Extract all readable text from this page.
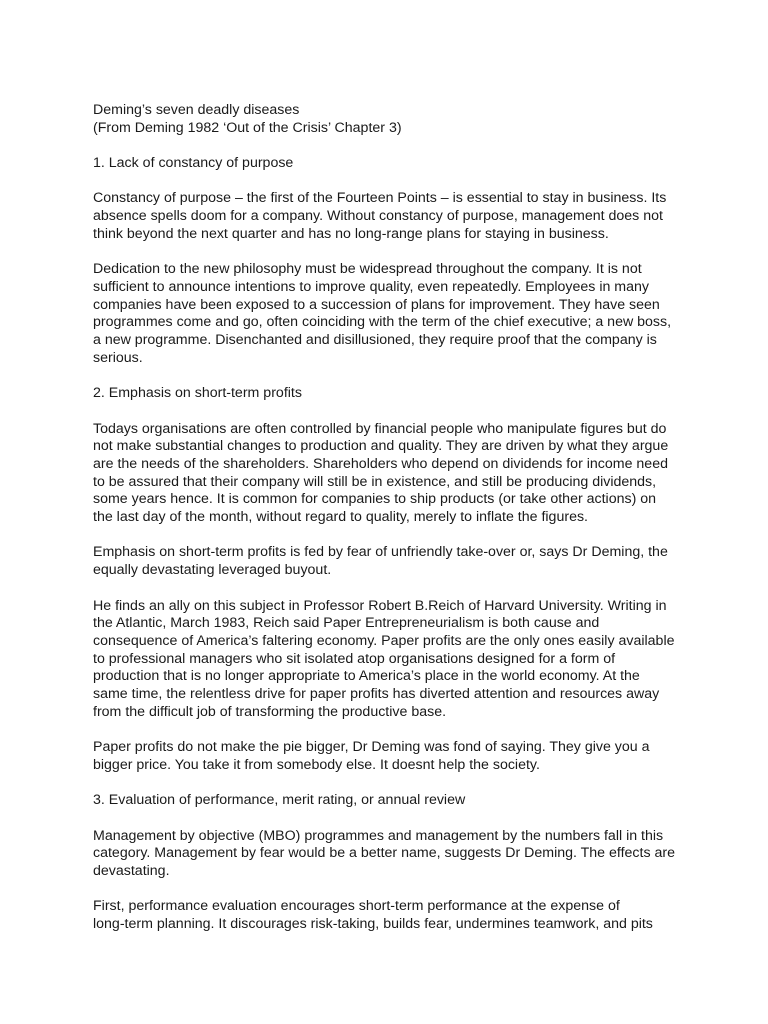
Deming’s seven deadly diseases
(From Deming 1982 ‘Out of the Crisis’ Chapter 3)
1. Lack of constancy of purpose
Constancy of purpose – the first of the Fourteen Points – is essential to stay in business. Its
absence spells doom for a company. Without constancy of purpose, management does not
think beyond the next quarter and has no long-range plans for staying in business.
Dedication to the new philosophy must be widespread throughout the company. It is not
sufficient to announce intentions to improve quality, even repeatedly. Employees in many
companies have been exposed to a succession of plans for improvement. They have seen
programmes come and go, often coinciding with the term of the chief executive; a new boss,
a new programme. Disenchanted and disillusioned, they require proof that the company is
serious.
2. Emphasis on short-term profits
Todays organisations are often controlled by financial people who manipulate figures but do
not make substantial changes to production and quality. They are driven by what they argue
are the needs of the shareholders. Shareholders who depend on dividends for income need
to be assured that their company will still be in existence, and still be producing dividends,
some years hence. It is common for companies to ship products (or take other actions) on
the last day of the month, without regard to quality, merely to inflate the figures.
Emphasis on short-term profits is fed by fear of unfriendly take-over or, says Dr Deming, the
equally devastating leveraged buyout.
He finds an ally on this subject in Professor Robert B.Reich of Harvard University. Writing in
the Atlantic, March 1983, Reich said Paper Entrepreneurialism is both cause and
consequence of America’s faltering economy. Paper profits are the only ones easily available
to professional managers who sit isolated atop organisations designed for a form of
production that is no longer appropriate to America’s place in the world economy. At the
same time, the relentless drive for paper profits has diverted attention and resources away
from the difficult job of transforming the productive base.
Paper profits do not make the pie bigger, Dr Deming was fond of saying. They give you a
bigger price. You take it from somebody else. It doesnt help the society.
3. Evaluation of performance, merit rating, or annual review
Management by objective (MBO) programmes and management by the numbers fall in this
category. Management by fear would be a better name, suggests Dr Deming. The effects are
devastating.
First, performance evaluation encourages short-term performance at the expense of
long-term planning. It discourages risk-taking, builds fear, undermines teamwork, and pits
